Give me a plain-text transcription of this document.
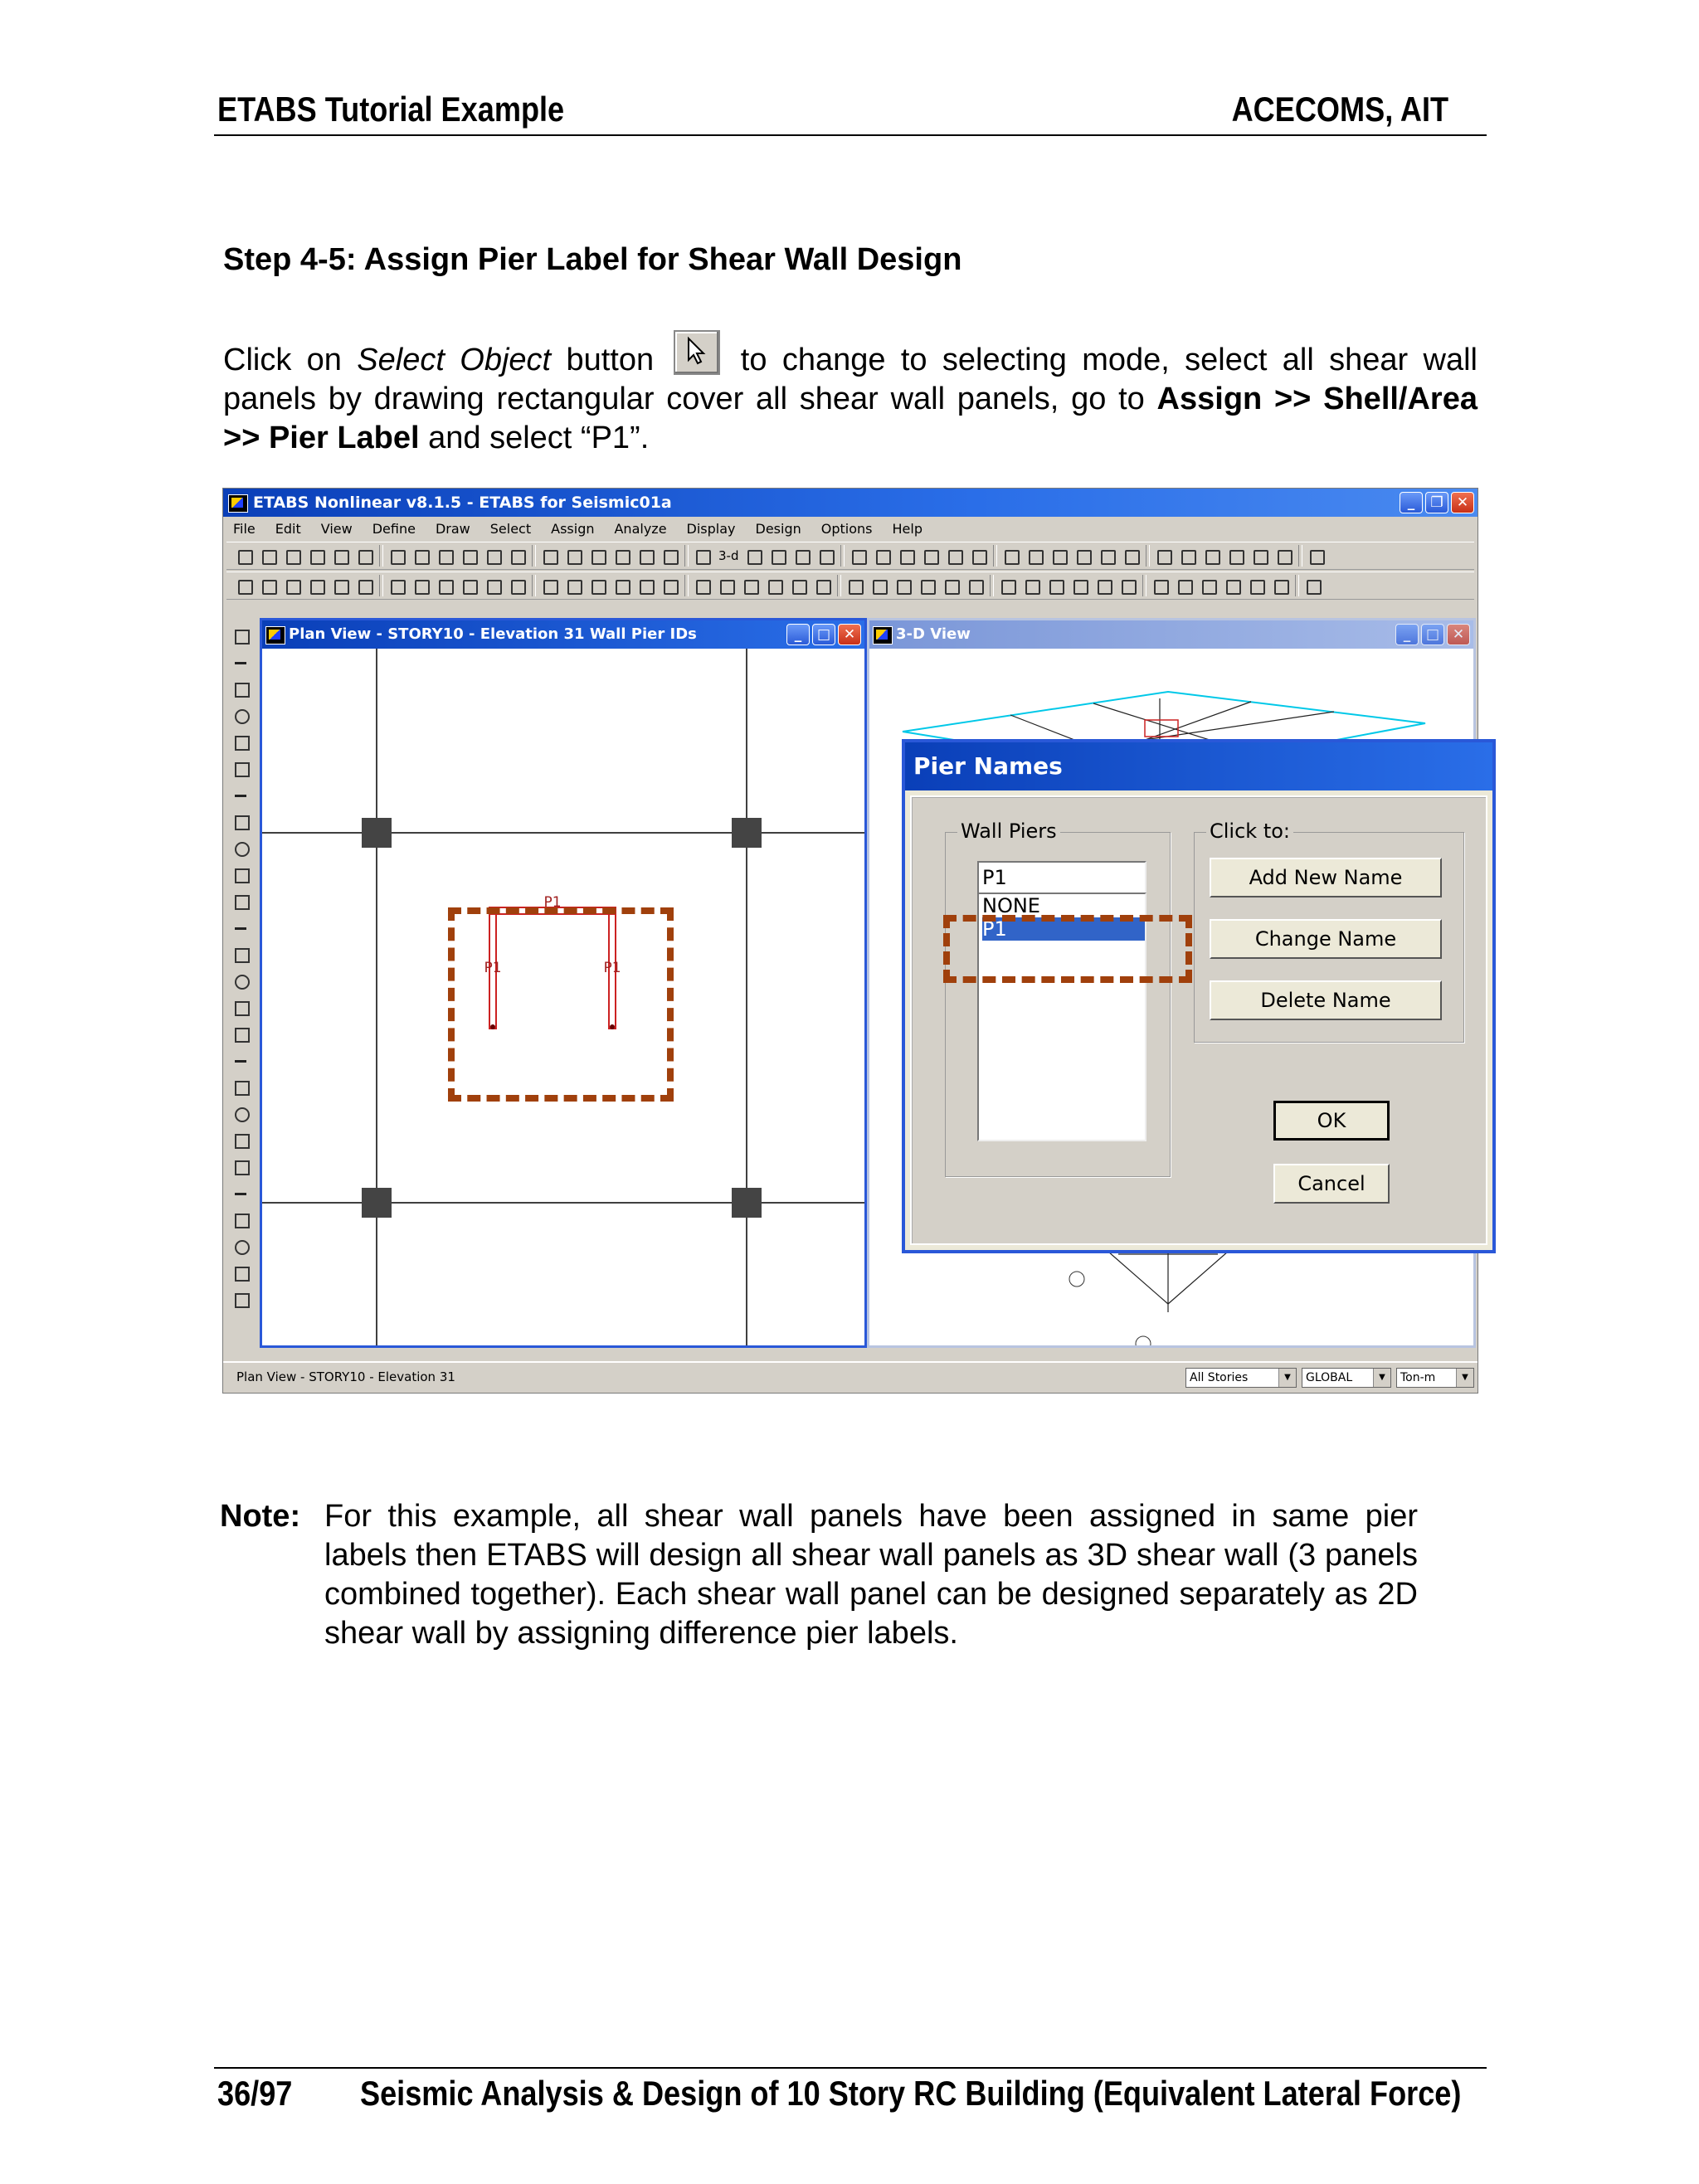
ETABS Tutorial Example	ACECOMS, AIT
Step 4-5: Assign Pier Label for Shear Wall Design
Click on Select Object button
to change to selecting mode, select all shear wall panels by drawing rectangular cover all shear wall panels, go to Assign >> Shell/Area >> Pier Label and select “P1”.
ETABS Nonlinear v8.1.5 - ETABS for Seismic01a	_	❐ ✕
File	Edit	View	Define	Draw	Select	Assign	Analyze	Display	Design	Options	Help
3-d
Plan View - STORY10 - Elevation 31 Wall Pier IDs	_	□ ✕
P1
P1	P1
3-D View	_	□ ✕
Plan View - STORY10 - Elevation 31	All Stories	▼	GLOBAL	▼	Ton-m	▼
Pier Names
Wall Piers
P1
NONE
P1
Click to:
Add New Name
Change Name
Delete Name
OK
Cancel
Note: For this example, all shear wall panels have been assigned in same pier labels then ETABS will design all shear wall panels as 3D shear wall (3 panels combined together). Each shear wall panel can be designed separately as 2D shear wall by assigning difference pier labels.
36/97 Seismic Analysis & Design of 10 Story RC Building (Equivalent Lateral Force)
